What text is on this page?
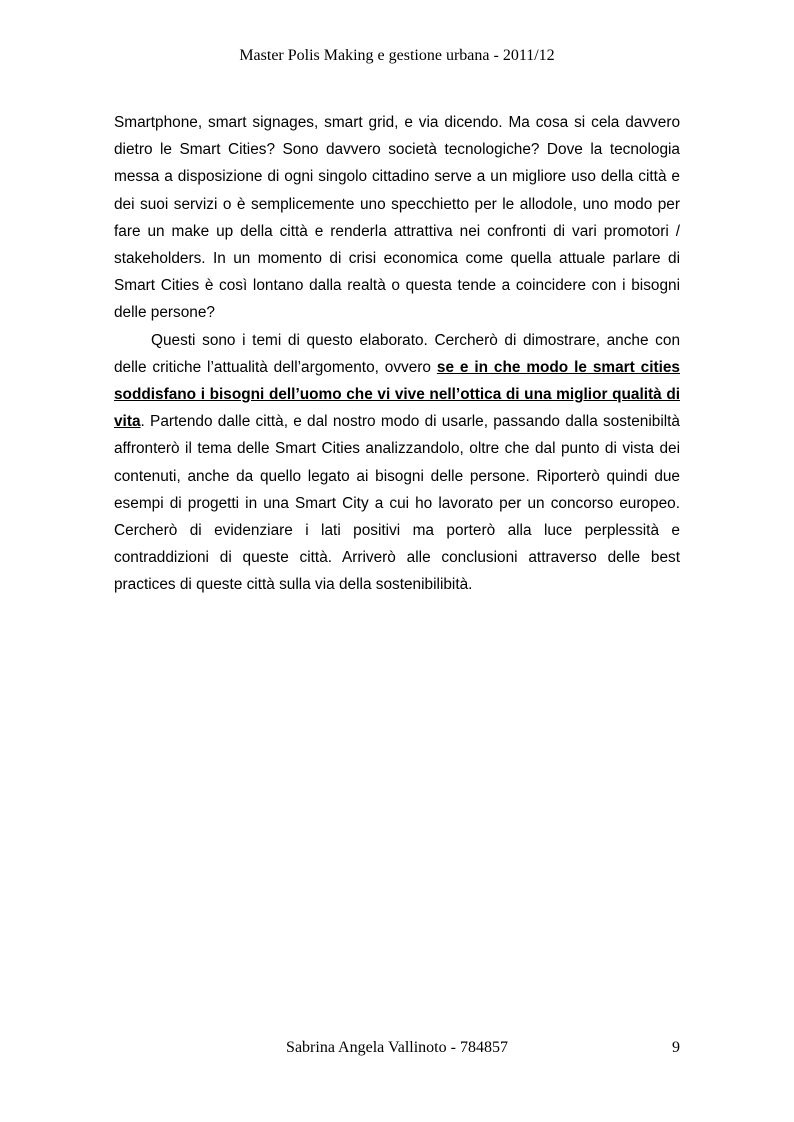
Master Polis Making e gestione urbana - 2011/12

Smartphone, smart signages, smart grid, e via dicendo. Ma cosa si cela davvero dietro le Smart Cities? Sono davvero società tecnologiche? Dove la tecnologia messa a disposizione di ogni singolo cittadino serve a un migliore uso della città e dei suoi servizi o è semplicemente uno specchietto per le allodole, uno modo per fare un make up della città e renderla attrattiva nei confronti di vari promotori / stakeholders. In un momento di crisi economica come quella attuale parlare di Smart Cities è così lontano dalla realtà o questa tende a coincidere con i bisogni delle persone?

Questi sono i temi di questo elaborato. Cercherò di dimostrare, anche con delle critiche l’attualità dell’argomento, ovvero se e in che modo le smart cities soddisfano i bisogni dell’uomo che vi vive nell’ottica di una miglior qualità di vita. Partendo dalle città, e dal nostro modo di usarle, passando dalla sostenibiltà affronterò il tema delle Smart Cities analizzandolo, oltre che dal punto di vista dei contenuti, anche da quello legato ai bisogni delle persone. Riporterò quindi due esempi di progetti in una Smart City a cui ho lavorato per un concorso europeo. Cercherò di evidenziare i lati positivi ma porterò alla luce perplessità e contraddizioni di queste città. Arriverò alle conclusioni attraverso delle best practices di queste città sulla via della sostenibilibità.

Sabrina Angela Vallinoto - 784857	9
